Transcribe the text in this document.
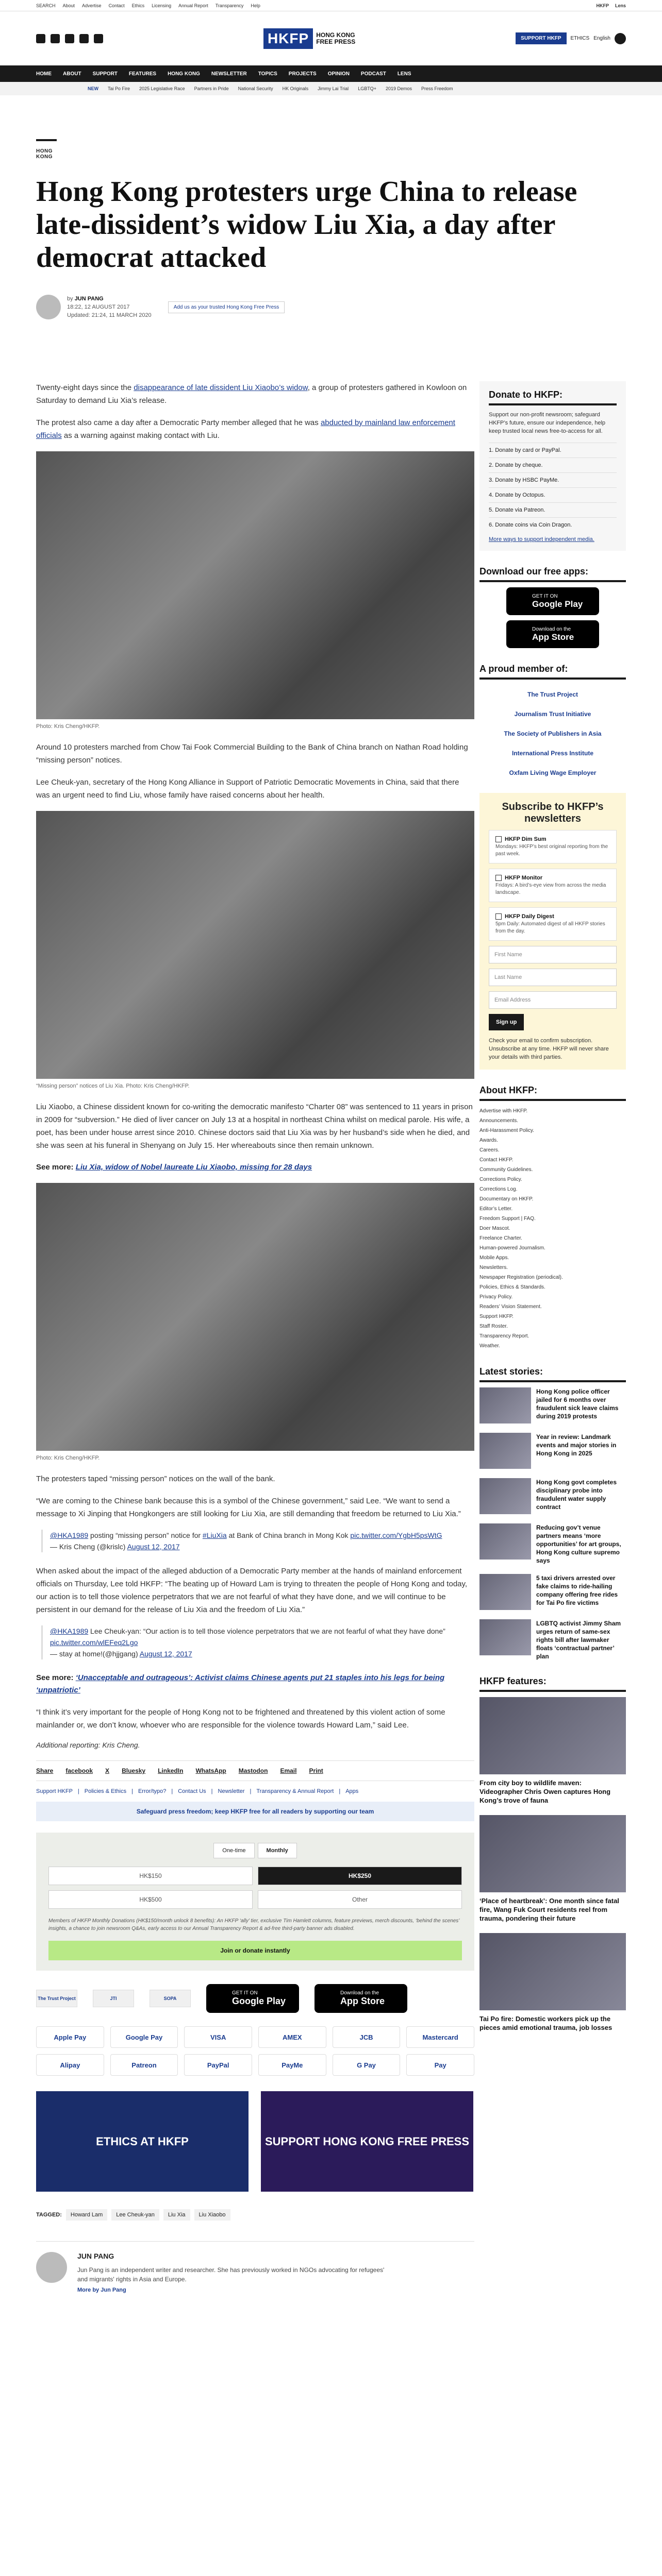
SEARCH About Advertise Contact Ethics Licensing Annual Report Transparency Help	HKFP Lens
HKFP	HONG KONG
FREE PRESS	SUPPORT HKFP	ETHICS English
HOME ABOUT SUPPORT FEATURES HONG KONG NEWSLETTER TOPICS PROJECTS OPINION PODCAST LENS
NEW Tai Po Fire 2025 Legislative Race Partners in Pride National Security HK Originals Jimmy Lai Trial LGBTQ+ 2019 Demos Press Freedom
HONG KONG
Hong Kong protesters urge China to release late-dissident’s widow Liu Xia, a day after democrat attacked
by JUN PANG
18:22, 12 AUGUST 2017
Updated: 21:24, 11 MARCH 2020
Add us as your trusted Hong Kong Free Press

Twenty-eight days since the disappearance of late dissident Liu Xiaobo’s widow, a group of protesters gathered in Kowloon on Saturday to demand Liu Xia’s release.

The protest also came a day after a Democratic Party member alleged that he was abducted by mainland law enforcement officials as a warning against making contact with Liu.

Photo: Kris Cheng/HKFP.

Around 10 protesters marched from Chow Tai Fook Commercial Building to the Bank of China branch on Nathan Road holding “missing person” notices.

Lee Cheuk-yan, secretary of the Hong Kong Alliance in Support of Patriotic Democratic Movements in China, said that there was an urgent need to find Liu, whose family have raised concerns about her health.

“Missing person” notices of Liu Xia. Photo: Kris Cheng/HKFP.

Liu Xiaobo, a Chinese dissident known for co-writing the democratic manifesto “Charter 08” was sentenced to 11 years in prison in 2009 for “subversion.” He died of liver cancer on July 13 at a hospital in northeast China whilst on medical parole. His wife, a poet, has been under house arrest since 2010. Chinese doctors said that Liu Xia was by her husband’s side when he died, and she was seen at his funeral in Shenyang on July 15. Her whereabouts since then remain unknown.

See more: Liu Xia, widow of Nobel laureate Liu Xiaobo, missing for 28 days

Photo: Kris Cheng/HKFP.

The protesters taped “missing person” notices on the wall of the bank.

“We are coming to the Chinese bank because this is a symbol of the Chinese government,” said Lee. “We want to send a message to Xi Jinping that Hongkongers are still looking for Liu Xia, are still demanding that freedom be returned to Liu Xia.”

@HKA1989 posting “missing person” notice for #LiuXia at Bank of China branch in Mong Kok pic.twitter.com/YgbH5psWtG
— Kris Cheng (@krislc) August 12, 2017

When asked about the impact of the alleged abduction of a Democratic Party member at the hands of mainland enforcement officials on Thursday, Lee told HKFP: “The beating up of Howard Lam is trying to threaten the people of Hong Kong and today, our action is to tell those violence perpetrators that we are not fearful of what they have done, and we will continue to be persistent in our demand for the release of Liu Xia and the freedom of Liu Xia.”

@HKA1989 Lee Cheuk-yan: “Our action is to tell those violence perpetrators that we are not fearful of what they have done” pic.twitter.com/wlEFeq2Lgo
— stay at home!(@hjjgang) August 12, 2017

See more: ‘Unacceptable and outrageous’: Activist claims Chinese agents put 21 staples into his legs for being ‘unpatriotic’

“I think it’s very important for the people of Hong Kong not to be frightened and threatened by this violent action of some mainlander or, we don’t know, whoever who are responsible for the violence towards Howard Lam,” said Lee.

Additional reporting: Kris Cheng.

Share facebook X Bluesky LinkedIn WhatsApp Mastodon Email Print
Support HKFP | Policies & Ethics | Error/typo? | Contact Us | Newsletter | Transparency & Annual Report | Apps
Safeguard press freedom; keep HKFP free for all readers by supporting our team
One-time	Monthly
HK$150	HK$250
HK$500	Other
Members of HKFP Monthly Donations (HK$150/month unlock 8 benefits): An HKFP ‘ally’ tier, exclusive Tim Hamlett columns, feature previews, merch discounts, ‘behind the scenes’ insights, a chance to join newsroom Q&As, early access to our Annual Transparency Report & ad-free third-party banner ads disabled.
Join or donate instantly
The Trust Project	JTI	SOPA
GET IT ON
Google Play
Download on the
App Store
Apple Pay	Google Pay	VISA	AMEX	JCB	Mastercard
Alipay	Patreon	PayPal	PayMe	G Pay	Pay
ETHICS AT HKFP	SUPPORT HONG KONG FREE PRESS
TAGGED:	Howard Lam	Lee Cheuk-yan	Liu Xia	Liu Xiaobo
JUN PANG
Jun Pang is an independent writer and researcher. She has previously worked in NGOs advocating for refugees' and migrants' rights in Asia and Europe.
More by Jun Pang
Donate to HKFP:
Support our non-profit newsroom; safeguard HKFP’s future, ensure our independence, help keep trusted local news free-to-access for all.
1. Donate by card or PayPal.
2. Donate by cheque.
3. Donate by HSBC PayMe.
4. Donate by Octopus.
5. Donate via Patreon.
6. Donate coins via Coin Dragon.
More ways to support independent media.
Download our free apps:
GET IT ON
Google Play
Download on the
App Store
A proud member of:
The Trust Project
Journalism Trust Initiative
The Society of Publishers in Asia
International Press Institute
Oxfam Living Wage Employer
Subscribe to HKFP’s newsletters
HKFP Dim Sum
Mondays: HKFP’s best original reporting from the past week.
HKFP Monitor
Fridays: A bird’s-eye view from across the media landscape.
HKFP Daily Digest
5pm Daily: Automated digest of all HKFP stories from the day.
First Name
Last Name
Email Address
Sign up
Check your email to confirm subscription. Unsubscribe at any time. HKFP will never share your details with third parties.
About HKFP:
Advertise with HKFP.
Announcements.
Anti-Harassment Policy.
Awards.
Careers.
Contact HKFP.
Community Guidelines.
Corrections Policy.
Corrections Log.
Documentary on HKFP.
Editor’s Letter.
Freedom Support | FAQ.
Doer Mascot.
Freelance Charter.
Human-powered Journalism.
Mobile Apps.
Newsletters.
Newspaper Registration (periodical).
Policies, Ethics & Standards.
Privacy Policy.
Readers’ Vision Statement.
Support HKFP.
Staff Roster.
Transparency Report.
Weather.
Latest stories:
Hong Kong police officer jailed for 6 months over fraudulent sick leave claims during 2019 protests
Year in review: Landmark events and major stories in Hong Kong in 2025
Hong Kong govt completes disciplinary probe into fraudulent water supply contract
Reducing gov’t venue partners means ‘more opportunities’ for art groups, Hong Kong culture supremo says
5 taxi drivers arrested over fake claims to ride-hailing company offering free rides for Tai Po fire victims
LGBTQ activist Jimmy Sham urges return of same-sex rights bill after lawmaker floats ‘contractual partner’ plan
HKFP features:
From city boy to wildlife maven: Videographer Chris Owen captures Hong Kong’s trove of fauna
‘Place of heartbreak’: One month since fatal fire, Wang Fuk Court residents reel from trauma, pondering their future
Tai Po fire: Domestic workers pick up the pieces amid emotional trauma, job losses
